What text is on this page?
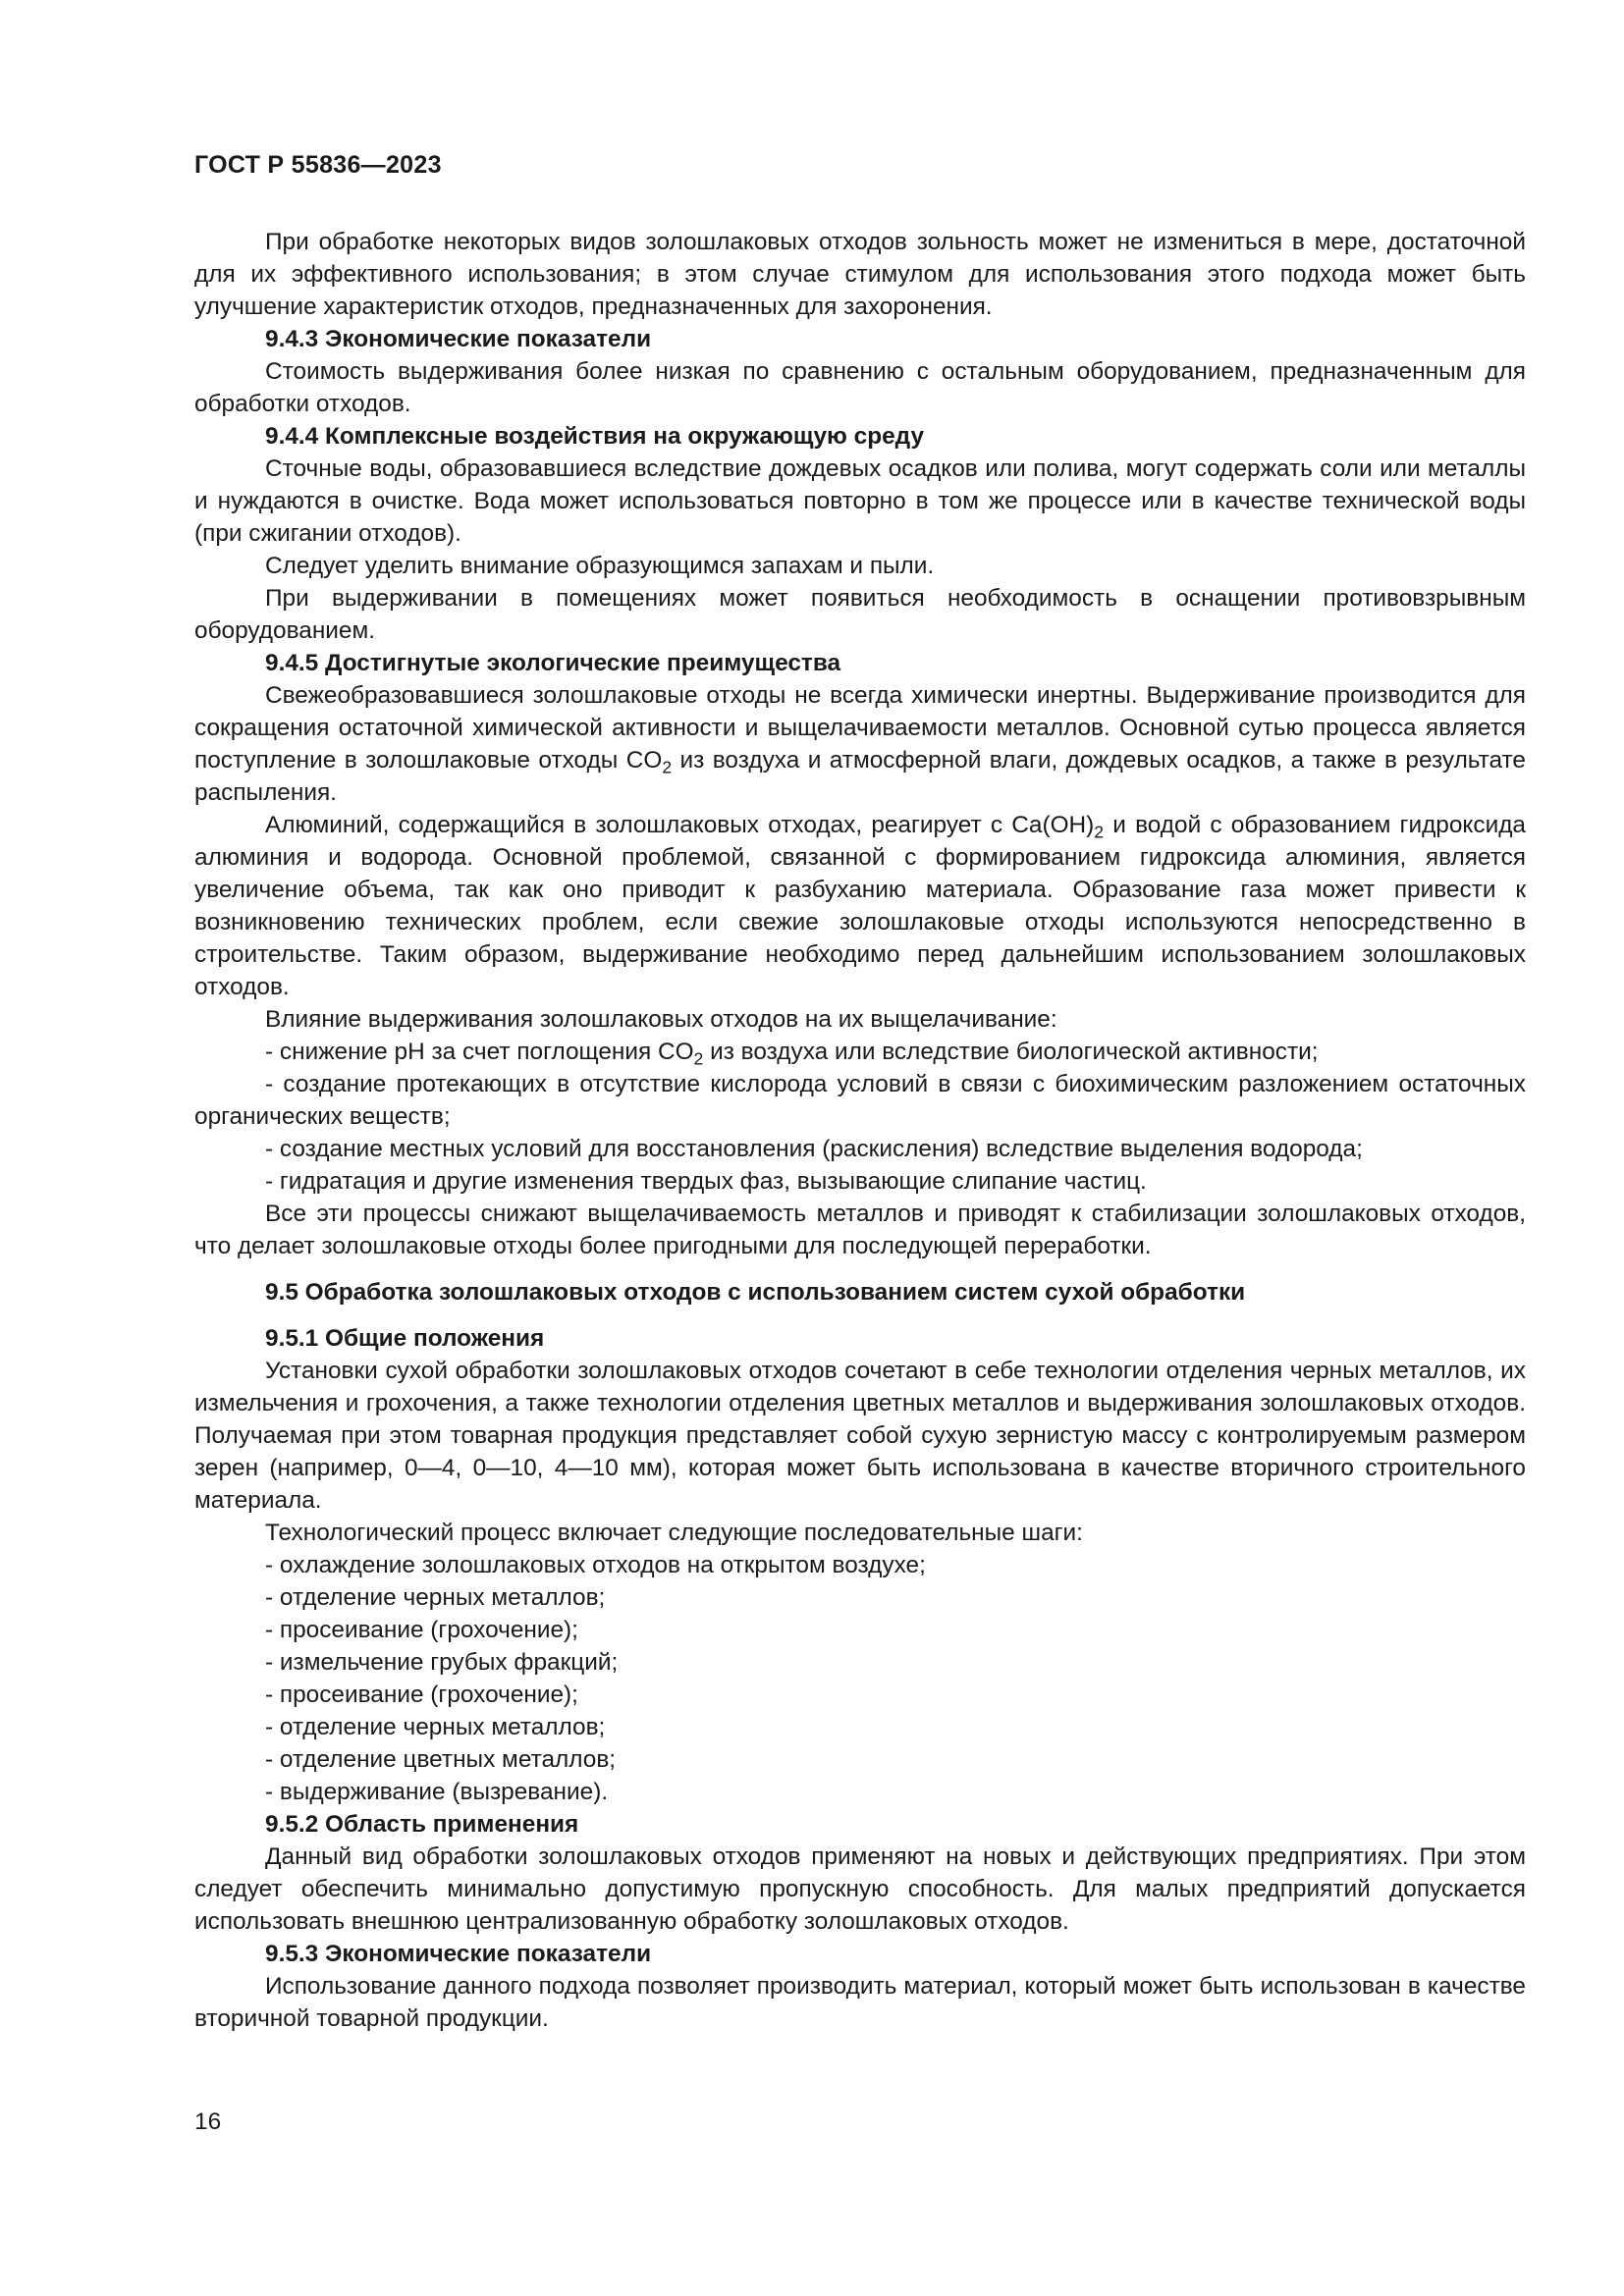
ГОСТ Р 55836—2023

При обработке некоторых видов золошлаковых отходов зольность может не измениться в мере, достаточной для их эффективного использования; в этом случае стимулом для использования этого подхода может быть улучшение характеристик отходов, предназначенных для захоронения.

9.4.3 Экономические показатели

Стоимость выдерживания более низкая по сравнению с остальным оборудованием, предназначенным для обработки отходов.

9.4.4 Комплексные воздействия на окружающую среду

Сточные воды, образовавшиеся вследствие дождевых осадков или полива, могут содержать соли или металлы и нуждаются в очистке. Вода может использоваться повторно в том же процессе или в качестве технической воды (при сжигании отходов).

Следует уделить внимание образующимся запахам и пыли.

При выдерживании в помещениях может появиться необходимость в оснащении противовзрывным оборудованием.

9.4.5 Достигнутые экологические преимущества

Свежеобразовавшиеся золошлаковые отходы не всегда химически инертны. Выдерживание производится для сокращения остаточной химической активности и выщелачиваемости металлов. Основной сутью процесса является поступление в золошлаковые отходы $CO_2$ из воздуха и атмосферной влаги, дождевых осадков, а также в результате распыления.

Алюминий, содержащийся в золошлаковых отходах, реагирует с $Ca(OH)_2$ и водой с образованием гидроксида алюминия и водорода. Основной проблемой, связанной с формированием гидроксида алюминия, является увеличение объема, так как оно приводит к разбуханию материала. Образование газа может привести к возникновению технических проблем, если свежие золошлаковые отходы используются непосредственно в строительстве. Таким образом, выдерживание необходимо перед дальнейшим использованием золошлаковых отходов.

Влияние выдерживания золошлаковых отходов на их выщелачивание:

- снижение pH за счет поглощения $CO_2$ из воздуха или вследствие биологической активности;

- создание протекающих в отсутствие кислорода условий в связи с биохимическим разложением остаточных органических веществ;

- создание местных условий для восстановления (раскисления) вследствие выделения водорода;

- гидратация и другие изменения твердых фаз, вызывающие слипание частиц.

Все эти процессы снижают выщелачиваемость металлов и приводят к стабилизации золошлаковых отходов, что делает золошлаковые отходы более пригодными для последующей переработки.

9.5 Обработка золошлаковых отходов с использованием систем сухой обработки

9.5.1 Общие положения

Установки сухой обработки золошлаковых отходов сочетают в себе технологии отделения черных металлов, их измельчения и грохочения, а также технологии отделения цветных металлов и выдерживания золошлаковых отходов. Получаемая при этом товарная продукция представляет собой сухую зернистую массу с контролируемым размером зерен (например, 0—4, 0—10, 4—10 мм), которая может быть использована в качестве вторичного строительного материала.

Технологический процесс включает следующие последовательные шаги:

- охлаждение золошлаковых отходов на открытом воздухе;

- отделение черных металлов;

- просеивание (грохочение);

- измельчение грубых фракций;

- просеивание (грохочение);

- отделение черных металлов;

- отделение цветных металлов;

- выдерживание (вызревание).

9.5.2 Область применения

Данный вид обработки золошлаковых отходов применяют на новых и действующих предприятиях. При этом следует обеспечить минимально допустимую пропускную способность. Для малых предприятий допускается использовать внешнюю централизованную обработку золошлаковых отходов.

9.5.3 Экономические показатели

Использование данного подхода позволяет производить материал, который может быть использован в качестве вторичной товарной продукции.

16
